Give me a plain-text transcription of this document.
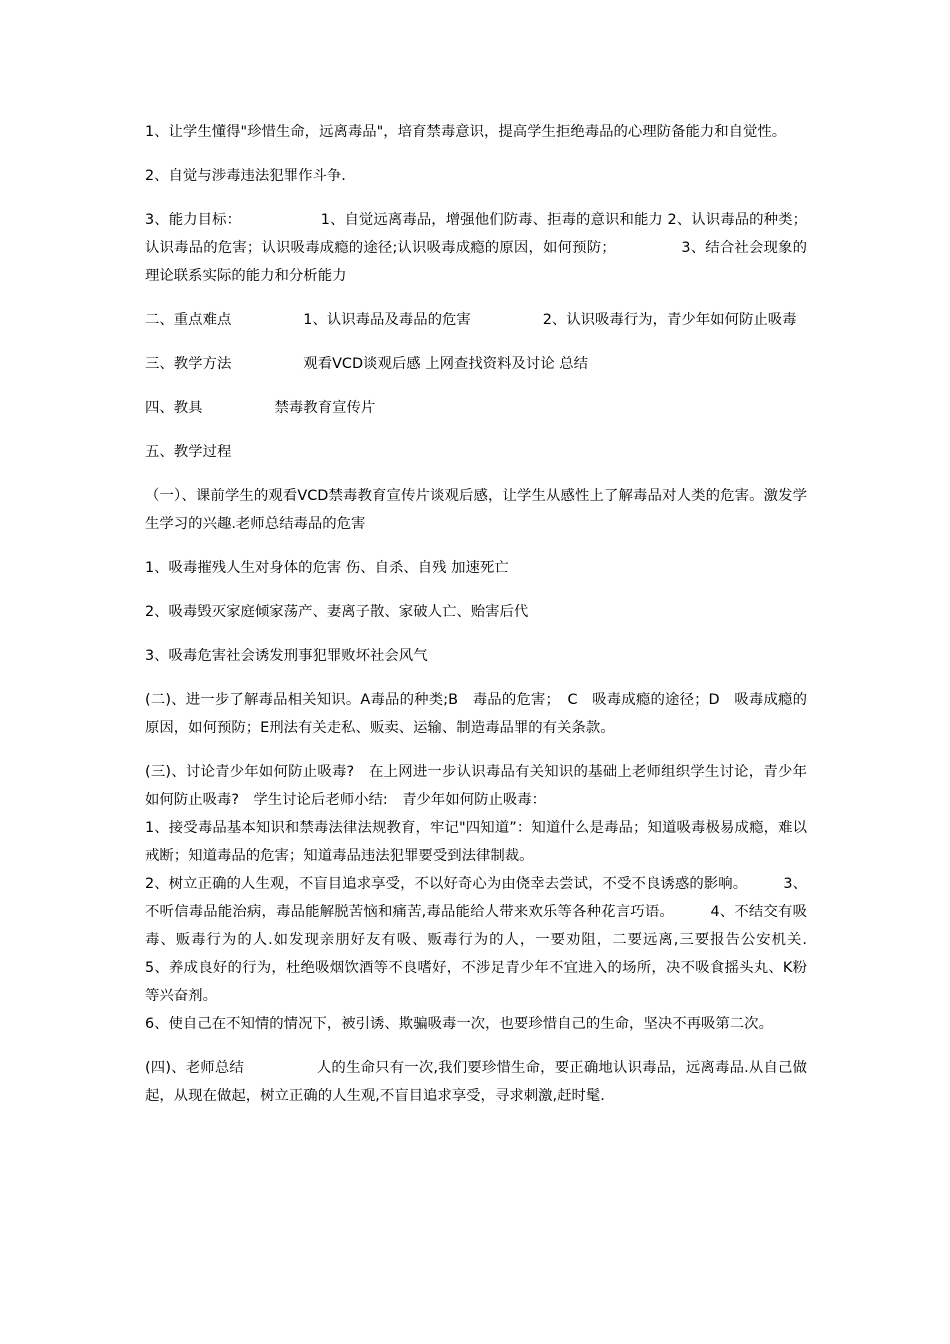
1、让学生懂得"珍惜生命，远离毒品"，培育禁毒意识，提高学生拒绝毒品的心理防备能力和自觉性。

2、自觉与涉毒违法犯罪作斗争.

3、能力目标：　　　　　　1、自觉远离毒品，增强他们防毒、拒毒的意识和能力 2、认识毒品的种类；认识毒品的危害；认识吸毒成瘾的途径;认识吸毒成瘾的原因，如何预防；　　　　　3、结合社会现象的理论联系实际的能力和分析能力

二、重点难点　　　　　1、认识毒品及毒品的危害　　　　　2、认识吸毒行为，青少年如何防止吸毒

三、教学方法　　　　　观看VCD谈观后感 上网查找资料及讨论 总结

四、教具　　　　　禁毒教育宣传片

五、教学过程

（一）、课前学生的观看VCD禁毒教育宣传片谈观后感，让学生从感性上了解毒品对人类的危害。激发学生学习的兴趣.老师总结毒品的危害

1、吸毒摧残人生对身体的危害 伤、自杀、自残 加速死亡

2、吸毒毁灭家庭倾家荡产、妻离子散、家破人亡、贻害后代

3、吸毒危害社会诱发刑事犯罪败坏社会风气

(二)、进一步了解毒品相关知识。A毒品的种类;B　毒品的危害；　C　吸毒成瘾的途径；D　吸毒成瘾的原因，如何预防；E刑法有关走私、贩卖、运输、制造毒品罪的有关条款。

(三)、讨论青少年如何防止吸毒?　在上网进一步认识毒品有关知识的基础上老师组织学生讨论，青少年如何防止吸毒?　学生讨论后老师小结:　青少年如何防止吸毒：

1、接受毒品基本知识和禁毒法律法规教育，牢记"四知道”：知道什么是毒品；知道吸毒极易成瘾，难以戒断；知道毒品的危害；知道毒品违法犯罪要受到法律制裁。

2、树立正确的人生观，不盲目追求享受，不以好奇心为由侥幸去尝试，不受不良诱惑的影响。　　　3、不听信毒品能治病，毒品能解脱苦恼和痛苦,毒品能给人带来欢乐等各种花言巧语。　　　4、不结交有吸毒、贩毒行为的人.如发现亲朋好友有吸、贩毒行为的人，一要劝阻，二要远离,三要报告公安机关.　　　5、养成良好的行为，杜绝吸烟饮酒等不良嗜好，不涉足青少年不宜进入的场所，决不吸食摇头丸、K粉等兴奋剂。

6、使自己在不知情的情况下，被引诱、欺骗吸毒一次，也要珍惜自己的生命，坚决不再吸第二次。

(四)、老师总结　　　　　人的生命只有一次,我们要珍惜生命，要正确地认识毒品，远离毒品.从自己做起，从现在做起，树立正确的人生观,不盲目追求享受，寻求刺激,赶时髦.
